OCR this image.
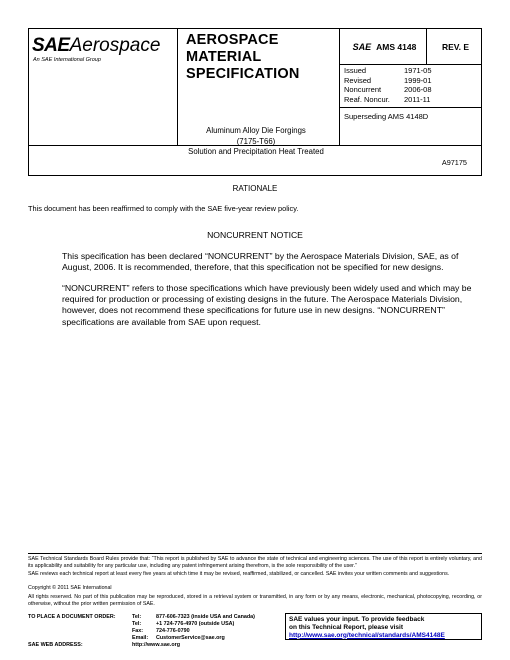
SAEAerospace
An SAE International Group
AEROSPACE
MATERIAL
SPECIFICATION
SAE AMS 4148	REV. E
Issued	1971-05
Revised	1999-01
Noncurrent	2006-08
Reaf. Noncur.	2011-11
Superseding AMS 4148D
Aluminum Alloy Die Forgings
(7175-T66)
Solution and Precipitation Heat Treated
A97175
RATIONALE
This document has been reaffirmed to comply with the SAE five-year review policy.
NONCURRENT NOTICE
This specification has been declared “NONCURRENT” by the Aerospace Materials Division, SAE, as of August, 2006. It is recommended, therefore, that this specification not be specified for new designs.
“NONCURRENT” refers to those specifications which have previously been widely used and which may be required for production or processing of existing designs in the future. The Aerospace Materials Division, however, does not recommend these specifications for future use in new designs. “NONCURRENT” specifications are available from SAE upon request.
SAE Technical Standards Board Rules provide that: “This report is published by SAE to advance the state of technical and engineering sciences. The use of this report is entirely voluntary, and its applicability and suitability for any particular use, including any patent infringement arising therefrom, is the sole responsibility of the user.”
SAE reviews each technical report at least every five years at which time it may be revised, reaffirmed, stabilized, or cancelled. SAE invites your written comments and suggestions.
Copyright © 2011 SAE International
All rights reserved. No part of this publication may be reproduced, stored in a retrieval system or transmitted, in any form or by any means, electronic, mechanical, photocopying, recording, or otherwise, without the prior written permission of SAE.
TO PLACE A DOCUMENT ORDER:	Tel:	877-606-7323 (inside USA and Canada)
	Tel:	+1 724-776-4970 (outside USA)
	Fax:	724-776-0790
	Email:	CustomerService@sae.org
SAE WEB ADDRESS:	http://www.sae.org	
SAE values your input. To provide feedback
on this Technical Report, please visit
http://www.sae.org/technical/standards/AMS4148E
